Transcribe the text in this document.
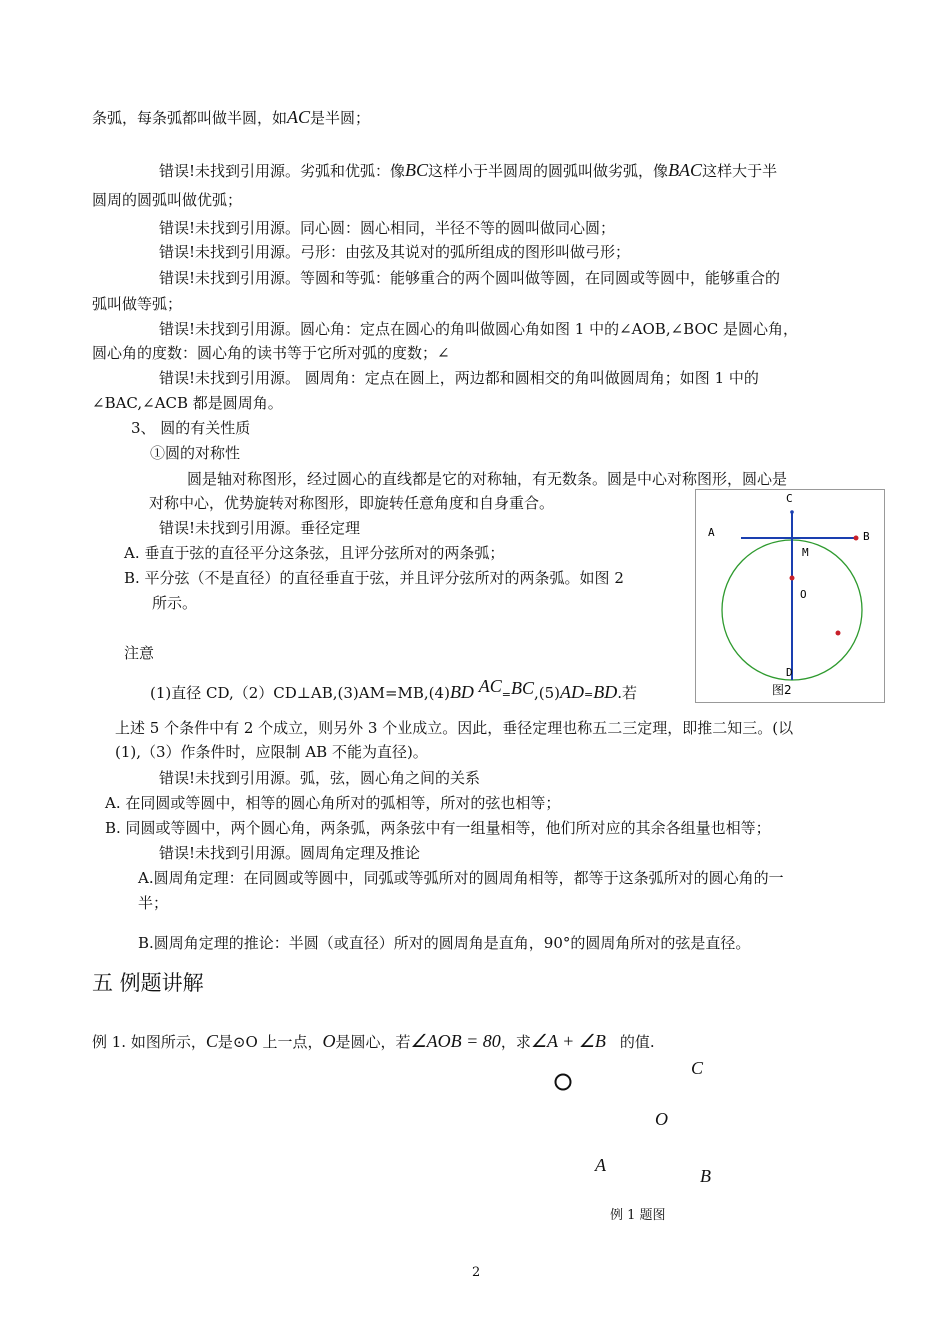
条弧，每条弧都叫做半圆，如AC是半圆；
错误!未找到引用源。劣弧和优弧：像BC这样小于半圆周的圆弧叫做劣弧，像BAC这样大于半
圆周的圆弧叫做优弧；
错误!未找到引用源。同心圆：圆心相同，半径不等的圆叫做同心圆；
错误!未找到引用源。弓形：由弦及其说对的弧所组成的图形叫做弓形；
错误!未找到引用源。等圆和等弧：能够重合的两个圆叫做等圆，在同圆或等圆中，能够重合的
弧叫做等弧；
错误!未找到引用源。圆心角：定点在圆心的角叫做圆心角如图 1 中的∠AOB,∠BOC 是圆心角，
圆心角的度数：圆心角的读书等于它所对弧的度数；∠
错误!未找到引用源。 圆周角：定点在圆上，两边都和圆相交的角叫做圆周角；如图 1 中的
∠BAC,∠ACB 都是圆周角。
3、 圆的有关性质
①圆的对称性
圆是轴对称图形，经过圆心的直线都是它的对称轴，有无数条。圆是中心对称图形，圆心是
对称中心，优势旋转对称图形，即旋转任意角度和自身重合。
错误!未找到引用源。垂径定理
A. 垂直于弦的直径平分这条弦，且评分弦所对的两条弧；
B. 平分弦（不是直径）的直径垂直于弦，并且评分弦所对的两条弧。如图 2
所示。
注意
(1)直径 CD,（2）CD⊥AB,(3)AM=MB,(4)BD AC=BC,(5)AD=BD.若
上述 5 个条件中有 2 个成立，则另外 3 个业成立。因此，垂径定理也称五二三定理，即推二知三。(以
(1),（3）作条件时，应限制 AB 不能为直径)。
错误!未找到引用源。弧，弦，圆心角之间的关系
A. 在同圆或等圆中，相等的圆心角所对的弧相等，所对的弦也相等；
B. 同圆或等圆中，两个圆心角，两条弧，两条弦中有一组量相等，他们所对应的其余各组量也相等；
错误!未找到引用源。圆周角定理及推论
A.圆周角定理：在同圆或等圆中，同弧或等弧所对的圆周角相等，都等于这条弧所对的圆心角的一
半；
B.圆周角定理的推论：半圆（或直径）所对的圆周角是直角，90°的圆周角所对的弦是直径。
五 例题讲解
例 1. 如图所示，C是⊙O 上一点，O是圆心，若∠AOB = 80，求∠A + ∠B 的值.
C
A	B
M
O
D
图2
C
O
A
B
例 1 题图
2
